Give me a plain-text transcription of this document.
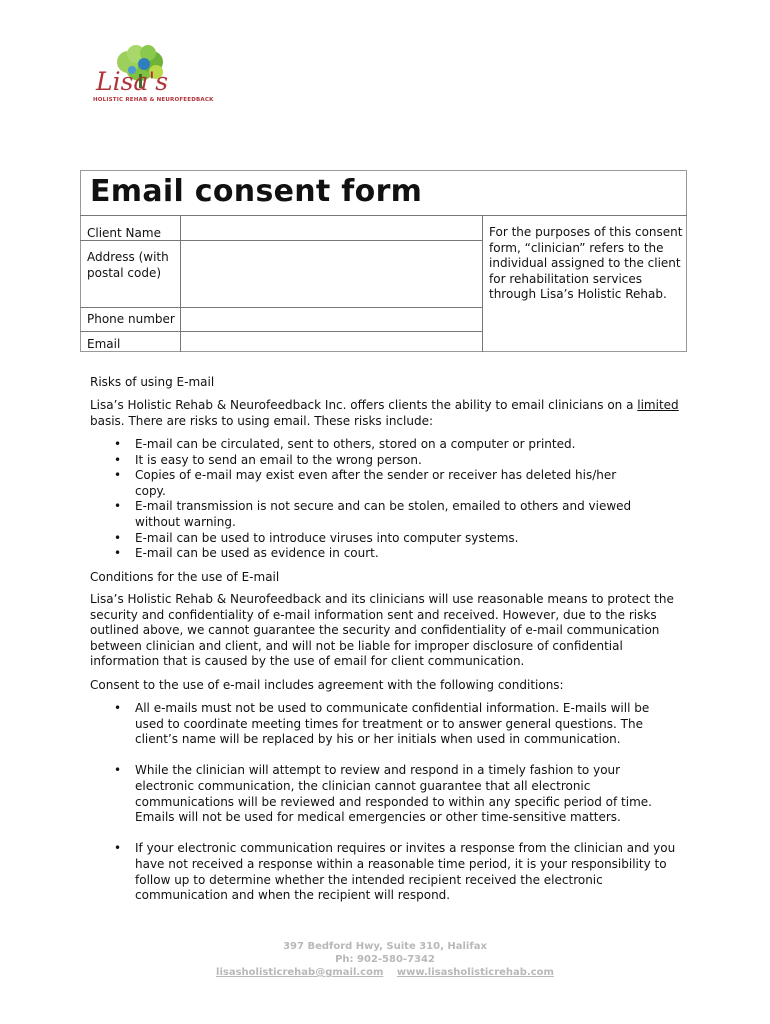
Lisa's
HOLISTIC REHAB & NEUROFEEDBACK
Email consent form
Client Name
Address (with postal code)
Phone number
Email
For the purposes of this consent form, “clinician” refers to the individual assigned to the client for rehabilitation services through Lisa’s Holistic Rehab.
Risks of using E-mail
Lisa’s Holistic Rehab & Neurofeedback Inc. offers clients the ability to email clinicians on a limited basis. There are risks to using email. These risks include:
• E-mail can be circulated, sent to others, stored on a computer or printed.
• It is easy to send an email to the wrong person.
• Copies of e-mail may exist even after the sender or receiver has deleted his/her copy.
• E-mail transmission is not secure and can be stolen, emailed to others and viewed without warning.
• E-mail can be used to introduce viruses into computer systems.
• E-mail can be used as evidence in court.
Conditions for the use of E-mail
Lisa’s Holistic Rehab & Neurofeedback and its clinicians will use reasonable means to protect the security and confidentiality of e-mail information sent and received. However, due to the risks outlined above, we cannot guarantee the security and confidentiality of e-mail communication between clinician and client, and will not be liable for improper disclosure of confidential information that is caused by the use of email for client communication.
Consent to the use of e-mail includes agreement with the following conditions:
• All e-mails must not be used to communicate confidential information. E-mails will be used to coordinate meeting times for treatment or to answer general questions. The client’s name will be replaced by his or her initials when used in communication.
• While the clinician will attempt to review and respond in a timely fashion to your electronic communication, the clinician cannot guarantee that all electronic communications will be reviewed and responded to within any specific period of time. Emails will not be used for medical emergencies or other time-sensitive matters.
• If your electronic communication requires or invites a response from the clinician and you have not received a response within a reasonable time period, it is your responsibility to follow up to determine whether the intended recipient received the electronic communication and when the recipient will respond.
397 Bedford Hwy, Suite 310, Halifax
Ph: 902-580-7342
lisasholisticrehab@gmail.com www.lisasholisticrehab.com
